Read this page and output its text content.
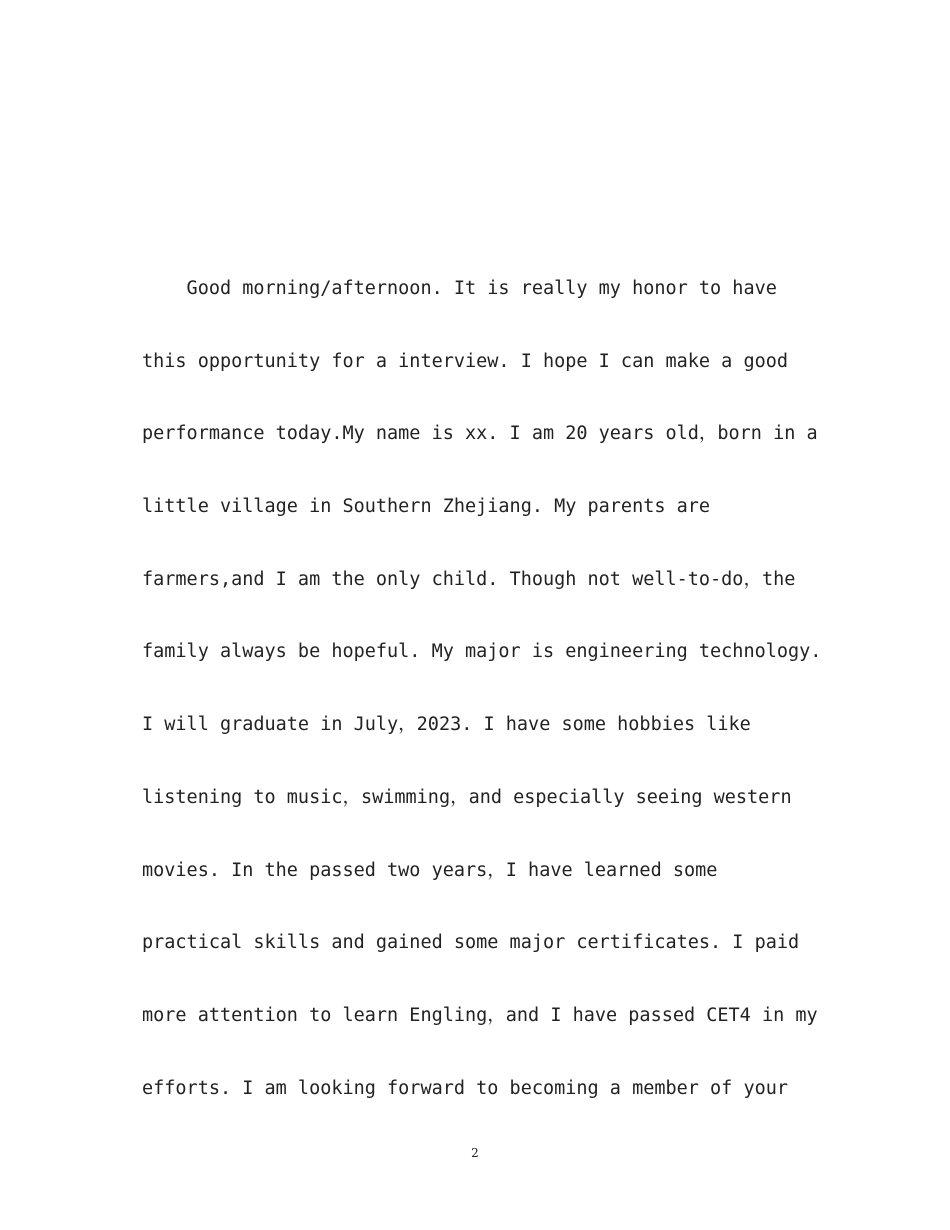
Good morning/afternoon. It is really my honor to have
this opportunity for a interview. I hope I can make a good
performance today.My name is xx. I am 20 years old，born in a
little village in Southern Zhejiang. My parents are
farmers,and I am the only child. Though not well-to-do，the
family always be hopeful. My major is engineering technology.
I will graduate in July，2023. I have some hobbies like
listening to music，swimming，and especially seeing western
movies. In the passed two years，I have learned some
practical skills and gained some major certificates. I paid
more attention to learn Engling，and I have passed CET4 in my
efforts. I am looking forward to becoming a member of your
2
